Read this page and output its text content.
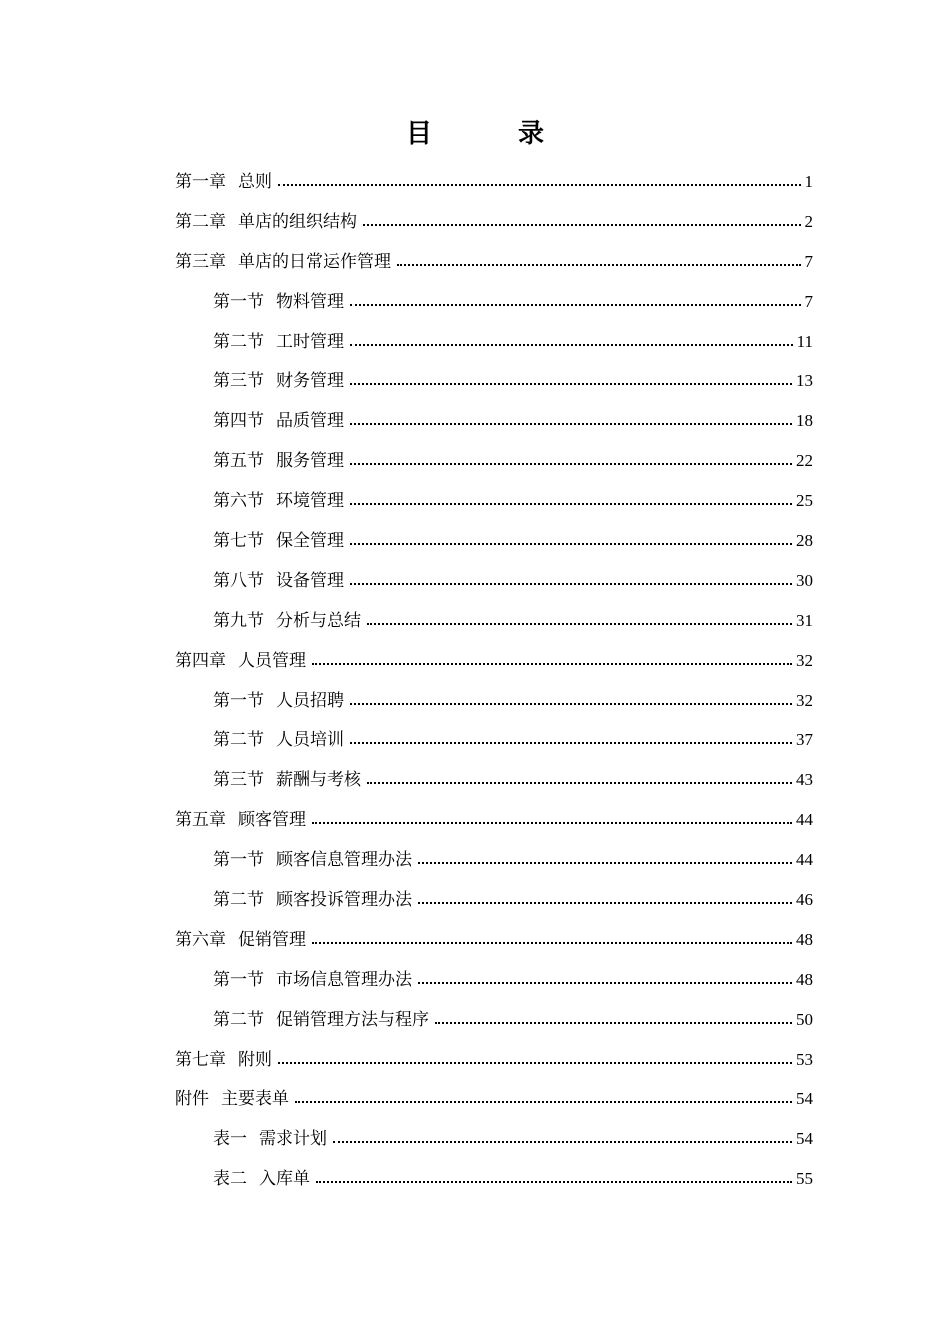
目　录
第一章 总则	1
第二章 单店的组织结构	2
第三章 单店的日常运作管理	7
第一节 物料管理	7
第二节 工时管理	11
第三节 财务管理	13
第四节 品质管理	18
第五节 服务管理	22
第六节 环境管理	25
第七节 保全管理	28
第八节 设备管理	30
第九节 分析与总结	31
第四章 人员管理	32
第一节 人员招聘	32
第二节 人员培训	37
第三节 薪酬与考核	43
第五章 顾客管理	44
第一节 顾客信息管理办法	44
第二节 顾客投诉管理办法	46
第六章 促销管理	48
第一节 市场信息管理办法	48
第二节 促销管理方法与程序	50
第七章 附则	53
附件 主要表单	54
表一 需求计划	54
表二 入库单	55
